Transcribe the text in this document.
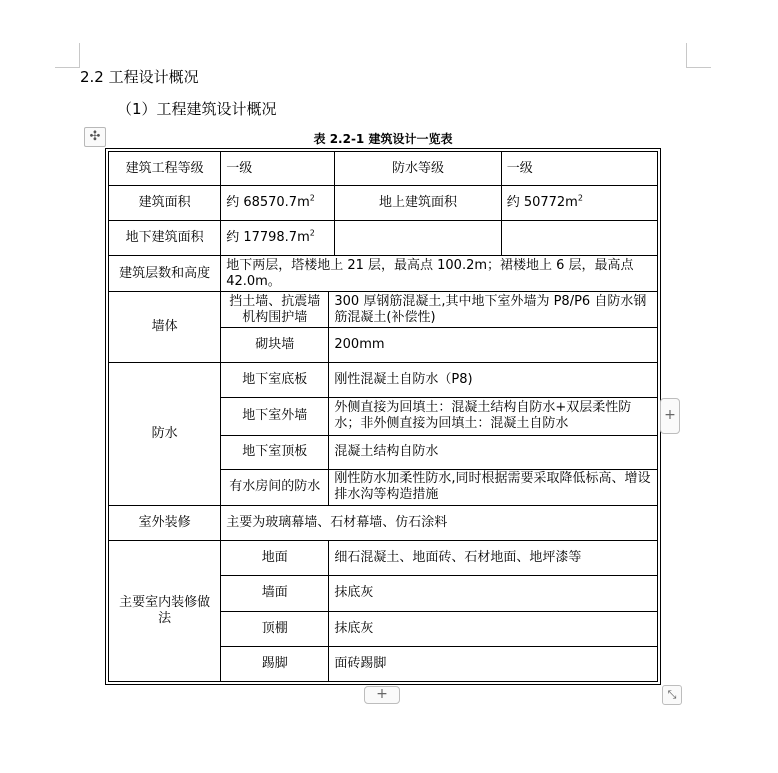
2.2 工程设计概况
（1）工程建筑设计概况
✣	表 2.2-1 建筑设计一览表
建筑工程等级	一级		防水等级	一级
建筑面积	约 $68570.7m^2$		地上建筑面积	约 $50772m^2$
地下建筑面积	约 $17798.7m^2$		
建筑层数和高度	地下两层，塔楼地上 21 层，最高点 100.2m；裙楼地上 6 层，最高点 42.0m。			
墙体	挡土墙、抗震墙机构围护墙	300 厚钢筋混凝土,其中地下室外墙为 P8/P6 自防水钢筋混凝土(补偿性)		
	砌块墙	200mm		
防水	地下室底板	刚性混凝土自防水（P8)		
	地下室外墙	外侧直接为回填土：混凝土结构自防水+双层柔性防水；非外侧直接为回填土：混凝土自防水		
	地下室顶板	混凝土结构自防水		
	有水房间的防水	刚性防水加柔性防水,同时根据需要采取降低标高、增设排水沟等构造措施		
室外装修	主要为玻璃幕墙、石材幕墙、仿石涂料			
主要室内装修做法	地面	细石混凝土、地面砖、石材地面、地坪漆等		
	墙面	抹底灰		
	顶棚	抹底灰		
	踢脚	面砖踢脚		
+
+	⤡
